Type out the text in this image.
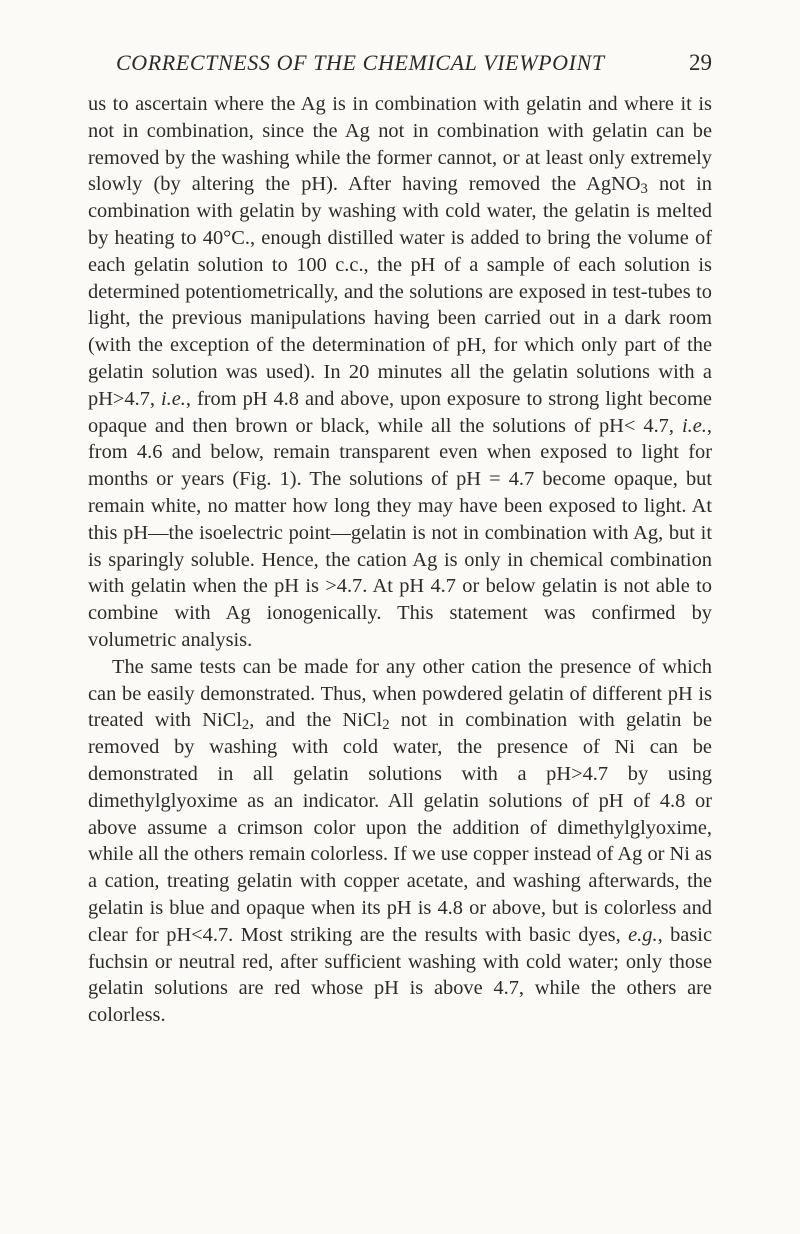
CORRECTNESS OF THE CHEMICAL VIEWPOINT	29

us to ascertain where the Ag is in combination with gelatin and where it is not in combination, since the Ag not in combination with gelatin can be removed by the washing while the former cannot, or at least only extremely slowly (by altering the pH). After having removed the AgNO$_3$ not in combination with gelatin by washing with cold water, the gelatin is melted by heating to 40°C., enough distilled water is added to bring the volume of each gelatin solution to 100 c.c., the pH of a sample of each solution is determined potentiometrically, and the solutions are exposed in test-tubes to light, the previous manipulations having been carried out in a dark room (with the exception of the determination of pH, for which only part of the gelatin solution was used). In 20 minutes all the gelatin solutions with a pH>4.7, i.e., from pH 4.8 and above, upon exposure to strong light become opaque and then brown or black, while all the solutions of pH< 4.7, i.e., from 4.6 and below, remain transparent even when exposed to light for months or years (Fig. 1). The solutions of pH = 4.7 become opaque, but remain white, no matter how long they may have been exposed to light. At this pH—the isoelectric point—gelatin is not in combination with Ag, but it is sparingly soluble. Hence, the cation Ag is only in chemical combination with gelatin when the pH is >4.7. At pH 4.7 or below gelatin is not able to combine with Ag ionogenically. This statement was confirmed by volumetric analysis.

The same tests can be made for any other cation the presence of which can be easily demonstrated. Thus, when powdered gelatin of different pH is treated with NiCl$_2$, and the NiCl$_2$ not in combination with gelatin be removed by washing with cold water, the presence of Ni can be demonstrated in all gelatin solutions with a pH>4.7 by using dimethylglyoxime as an indicator. All gelatin solutions of pH of 4.8 or above assume a crimson color upon the addition of dimethylglyoxime, while all the others remain colorless. If we use copper instead of Ag or Ni as a cation, treating gelatin with copper acetate, and washing afterwards, the gelatin is blue and opaque when its pH is 4.8 or above, but is colorless and clear for pH<4.7. Most striking are the results with basic dyes, e.g., basic fuchsin or neutral red, after sufficient washing with cold water; only those gelatin solutions are red whose pH is above 4.7, while the others are colorless.
